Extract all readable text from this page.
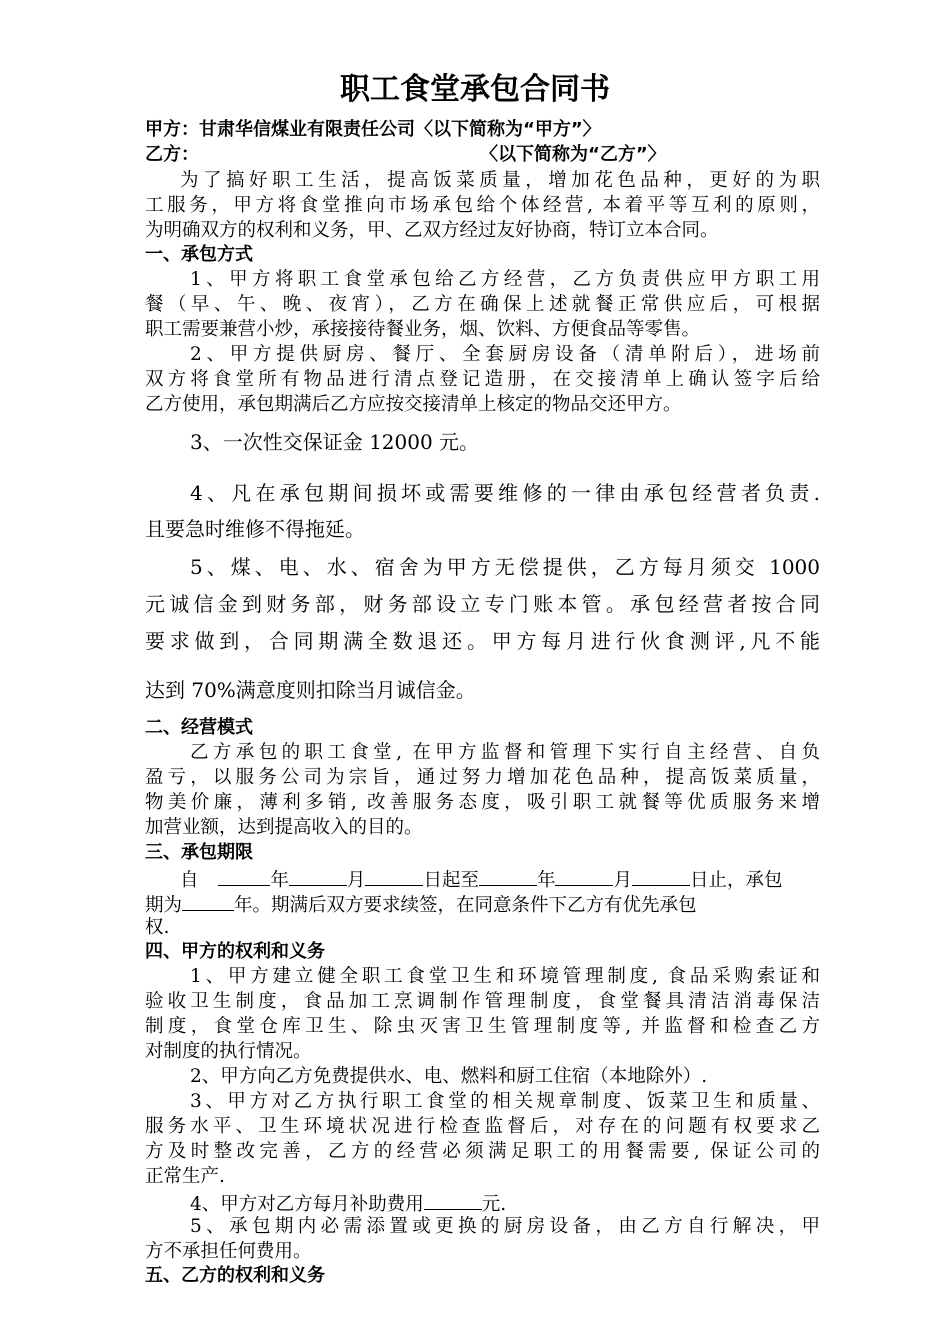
职工食堂承包合同书
甲方：甘肃华信煤业有限责任公司〈以下简称为“甲方”〉
乙方：	〈以下简称为“乙方”〉
为了搞好职工生活，提高饭菜质量，增加花色品种，更好的为职
工服务，甲方将食堂推向市场承包给个体经营, 本着平等互利的原则，
为明确双方的权利和义务，甲、乙双方经过友好协商，特订立本合同。
一、承包方式
1、甲方将职工食堂承包给乙方经营，乙方负责供应甲方职工用
餐（早、午、晚、夜宵），乙方在确保上述就餐正常供应后，可根据
职工需要兼营小炒，承接接待餐业务，烟、饮料、方便食品等零售。
2、甲方提供厨房、餐厅、全套厨房设备（清单附后），进场前
双方将食堂所有物品进行清点登记造册，在交接清单上确认签字后给
乙方使用，承包期满后乙方应按交接清单上核定的物品交还甲方。
3、一次性交保证金 12000 元。
4、凡在承包期间损坏或需要维修的一律由承包经营者负责.
且要急时维修不得拖延。
5、煤、电、水、宿舍为甲方无偿提供，乙方每月须交 1000
元诚信金到财务部，财务部设立专门账本管。承包经营者按合同
要求做到，合同期满全数退还。甲方每月进行伙食测评,凡不能
达到 70%满意度则扣除当月诚信金。
二、经营模式
乙方承包的职工食堂, 在甲方监督和管理下实行自主经营、自负
盈亏，以服务公司为宗旨，通过努力增加花色品种，提高饭菜质量，
物美价廉，薄利多销, 改善服务态度，吸引职工就餐等优质服务来增
加营业额，达到提高收入的目的。
三、承包期限
自	年	月	日起至	年	月	日止，承包
期为	年。期满后双方要求续签，在同意条件下乙方有优先承包
权.
四、甲方的权利和义务
1、甲方建立健全职工食堂卫生和环境管理制度, 食品采购索证和
验收卫生制度，食品加工烹调制作管理制度，食堂餐具清洁消毒保洁
制度，食堂仓库卫生、除虫灭害卫生管理制度等, 并监督和检查乙方
对制度的执行情况。
2、甲方向乙方免费提供水、电、燃料和厨工住宿（本地除外）.
3、甲方对乙方执行职工食堂的相关规章制度、饭菜卫生和质量、
服务水平、卫生环境状况进行检查监督后，对存在的问题有权要求乙
方及时整改完善，乙方的经营必须满足职工的用餐需要, 保证公司的
正常生产.
4、甲方对乙方每月补助费用	元.
5、承包期内必需添置或更换的厨房设备，由乙方自行解决，甲
方不承担任何费用。
五、乙方的权利和义务
